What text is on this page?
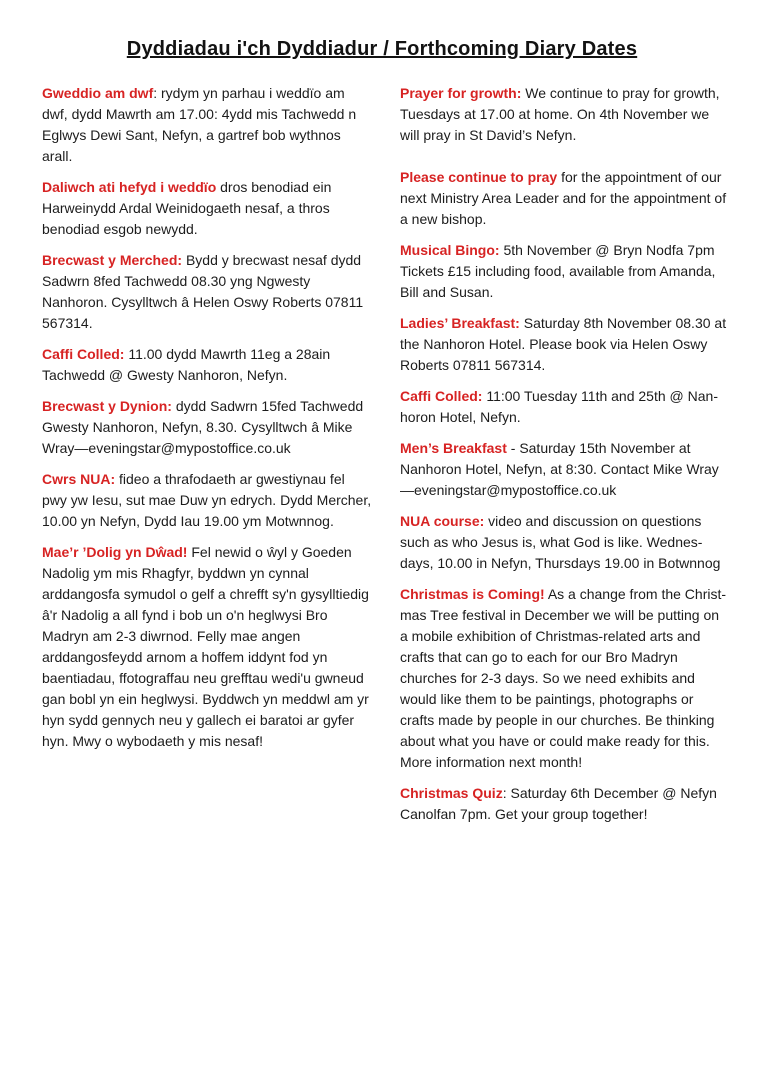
Dyddiadau i'ch Dyddiadur / Forthcoming Diary Dates

Gweddio am dwf: rydym yn parhau i weddïo am dwf, dydd Mawrth am 17.00: 4ydd mis Tachwedd n Eglwys Dewi Sant, Nefyn, a gartref bob wythnos arall.

Daliwch ati hefyd i weddïo dros benodiad ein Harweinydd Ardal Weinidogaeth nesaf, a thros benodiad esgob newydd.

Brecwast y Merched: Bydd y brecwast nesaf dydd Sadwrn 8fed Tachwedd 08.30 yng Ngwesty Nanhoron. Cysylltwch â Helen Oswy Roberts 07811 567314.

Caffi Colled: 11.00 dydd Mawrth 11eg a 28ain Tachwedd @ Gwesty Nanhoron, Nefyn.

Brecwast y Dynion: dydd Sadwrn 15fed Tachwedd Gwesty Nanhoron, Nefyn, 8.30. Cysylltwch â Mike Wray—eveningstar@mypostoffice.co.uk

Cwrs NUA: fideo a thrafodaeth ar gwestiynau fel pwy yw Iesu, sut mae Duw yn edrych. Dydd Mercher, 10.00 yn Nefyn, Dydd Iau 19.00 ym Motwnnog.

Mae’r ’Dolig yn Dŵad! Fel newid o ŵyl y Goeden Nadolig ym mis Rhagfyr, byddwn yn cynnal arddangosfa symudol o gelf a chrefft sy'n gysylltiedig â'r Nadolig a all fynd i bob un o'n heglwysi Bro Madryn am 2-3 diwrnod. Felly mae angen arddangosfeydd arnom a hoffem iddynt fod yn baentiadau, ffotograffau neu grefftau wedi'u gwneud gan bobl yn ein heglwysi. Byddwch yn meddwl am yr hyn sydd gennych neu y gallech ei baratoi ar gyfer hyn. Mwy o wybodaeth y mis nesaf!

Prayer for growth: We continue to pray for growth, Tuesdays at 17.00 at home. On 4th November we will pray in St David’s Nefyn.

Please continue to pray for the appointment of our next Ministry Area Leader and for the appointment of a new bishop.

Musical Bingo: 5th November @ Bryn Nodfa 7pm Tickets £15 including food, available from Amanda, Bill and Susan.

Ladies’ Breakfast: Saturday 8th November 08.30 at the Nanhoron Hotel. Please book via Helen Oswy Roberts 07811 567314.

Caffi Colled: 11:00 Tuesday 11th and 25th @ Nanhoron Hotel, Nefyn.

Men’s Breakfast - Saturday 15th November at Nanhoron Hotel, Nefyn, at 8:30. Contact Mike Wray—eveningstar@mypostoffice.co.uk

NUA course: video and discussion on questions such as who Jesus is, what God is like. Wednesdays, 10.00 in Nefyn, Thursdays 19.00 in Botwnnog

Christmas is Coming! As a change from the Christmas Tree festival in December we will be putting on a mobile exhibition of Christmas-related arts and crafts that can go to each for our Bro Madryn churches for 2-3 days. So we need exhibits and would like them to be paintings, photographs or crafts made by people in our churches. Be thinking about what you have or could make ready for this. More information next month!

Christmas Quiz: Saturday 6th December @ Nefyn Canolfan 7pm. Get your group together!
